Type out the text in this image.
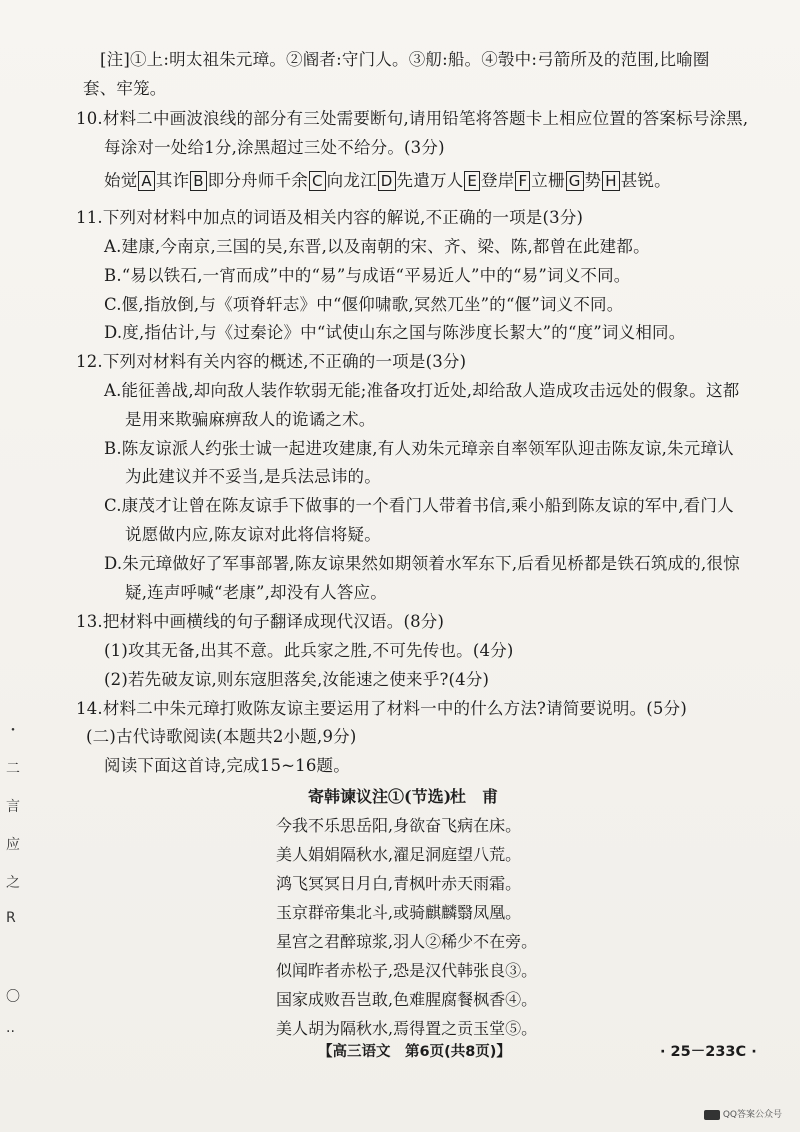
[注]①上:明太祖朱元璋。②阍者:守门人。③舠:船。④彀中:弓箭所及的范围,比喻圈
套、牢笼。
10.材料二中画波浪线的部分有三处需要断句,请用铅笔将答题卡上相应位置的答案标号涂黑,
每涂对一处给1分,涂黑超过三处不给分。(3分)
始觉 A 其诈 B 即分舟师千余 C 向龙江 D 先遣万人 E 登岸 F 立栅 G 势 H 甚锐。
11.下列对材料中加点的词语及相关内容的解说,不正确的一项是(3分)
A.建康,今南京,三国的吴,东晋,以及南朝的宋、齐、梁、陈,都曾在此建都。
B.“易以铁石,一宵而成”中的“易”与成语“平易近人”中的“易”词义不同。
C.偃,指放倒,与《项脊轩志》中“偃仰啸歌,冥然兀坐”的“偃”词义不同。
D.度,指估计,与《过秦论》中“试使山东之国与陈涉度长絜大”的“度”词义相同。
12.下列对材料有关内容的概述,不正确的一项是(3分)
A.能征善战,却向敌人装作软弱无能;准备攻打近处,却给敌人造成攻击远处的假象。这都
是用来欺骗麻痹敌人的诡谲之术。
B.陈友谅派人约张士诚一起进攻建康,有人劝朱元璋亲自率领军队迎击陈友谅,朱元璋认
为此建议并不妥当,是兵法忌讳的。
C.康茂才让曾在陈友谅手下做事的一个看门人带着书信,乘小船到陈友谅的军中,看门人
说愿做内应,陈友谅对此将信将疑。
D.朱元璋做好了军事部署,陈友谅果然如期领着水军东下,后看见桥都是铁石筑成的,很惊
疑,连声呼喊“老康”,却没有人答应。
13.把材料中画横线的句子翻译成现代汉语。(8分)
(1)攻其无备,出其不意。此兵家之胜,不可先传也。(4分)
(2)若先破友谅,则东寇胆落矣,汝能速之使来乎?(4分)
14.材料二中朱元璋打败陈友谅主要运用了材料一中的什么方法?请简要说明。(5分)
(二)古代诗歌阅读(本题共2小题,9分)
阅读下面这首诗,完成15~16题。
寄韩谏议注①(节选)
杜　甫
今我不乐思岳阳,身欲奋飞病在床。
美人娟娟隔秋水,濯足洞庭望八荒。
鸿飞冥冥日月白,青枫叶赤天雨霜。
玉京群帝集北斗,或骑麒麟翳凤凰。
星宫之君醉琼浆,羽人②稀少不在旁。
似闻昨者赤松子,恐是汉代韩张良③。
国家成败吾岂敢,色难腥腐餐枫香④。
美人胡为隔秋水,焉得置之贡玉堂⑤。
・
二
言
应
之
R
〇
··
【高三语文　第6页(共8页)】	· 25－233C ·
QQ答案公众号
